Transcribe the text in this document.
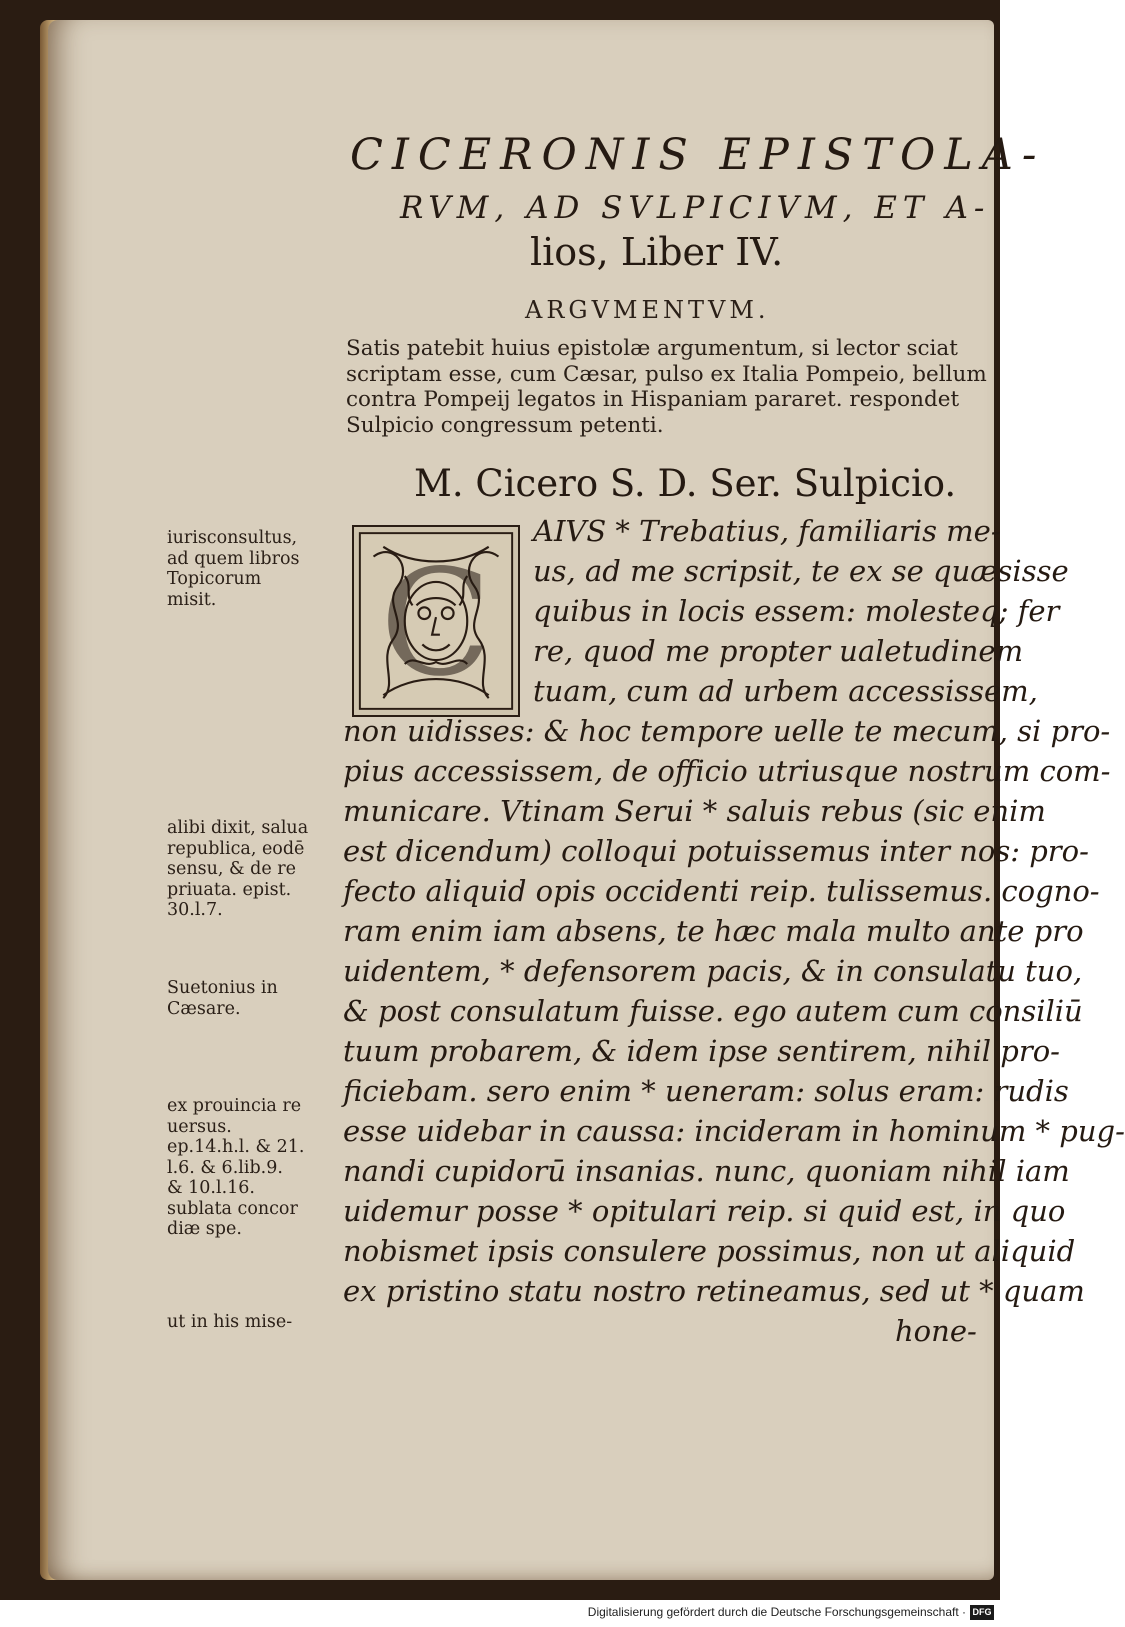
CICERONIS EPISTOLA-
RVM, AD SVLPICIVM, ET A-
lios, Liber IV.
ARGVMENTVM.
Satis patebit huius epistolæ argumentum, si lector sciat
scriptam esse, cum Cæsar, pulso ex Italia Pompeio, bellum
contra Pompeij legatos in Hispaniam pararet. respondet
Sulpicio congressum petenti.
M. Cicero S. D. Ser. Sulpicio.
C
AIVS * Trebatius, familiaris me-
us, ad me scripsit, te ex se quæsisse
quibus in locis essem: molesteq; fer
re, quod me propter ualetudinem
tuam, cum ad urbem accessissem,
non uidisses: & hoc tempore uelle te mecum, si pro-
pius accessissem, de officio utriusque nostrum com-
municare. Vtinam Serui * saluis rebus (sic enim
est dicendum) colloqui potuissemus inter nos: pro-
fecto aliquid opis occidenti reip. tulissemus. cogno-
ram enim iam absens, te hæc mala multo ante pro
uidentem, * defensorem pacis, & in consulatu tuo,
& post consulatum fuisse. ego autem cum consiliū
tuum probarem, & idem ipse sentirem, nihil pro-
ficiebam. sero enim * ueneram: solus eram: rudis
esse uidebar in caussa: incideram in hominum * pug-
nandi cupidorū insanias. nunc, quoniam nihil iam
uidemur posse * opitulari reip. si quid est, in quo
nobismet ipsis consulere possimus, non ut aliquid
ex pristino statu nostro retineamus, sed ut * quam
hone-
iurisconsultus,
ad quem libros
Topicorum
misit.
alibi dixit, salua
republica, eodē
sensu, & de re
priuata. epist.
30.l.7.
Suetonius in
Cæsare.
ex prouincia re
uersus.
ep.14.h.l. & 21.
l.6. & 6.lib.9.
& 10.l.16.
sublata concor
diæ spe.
ut in his mise-
Digitalisierung gefördert durch die Deutsche Forschungsgemeinschaft · DFG
